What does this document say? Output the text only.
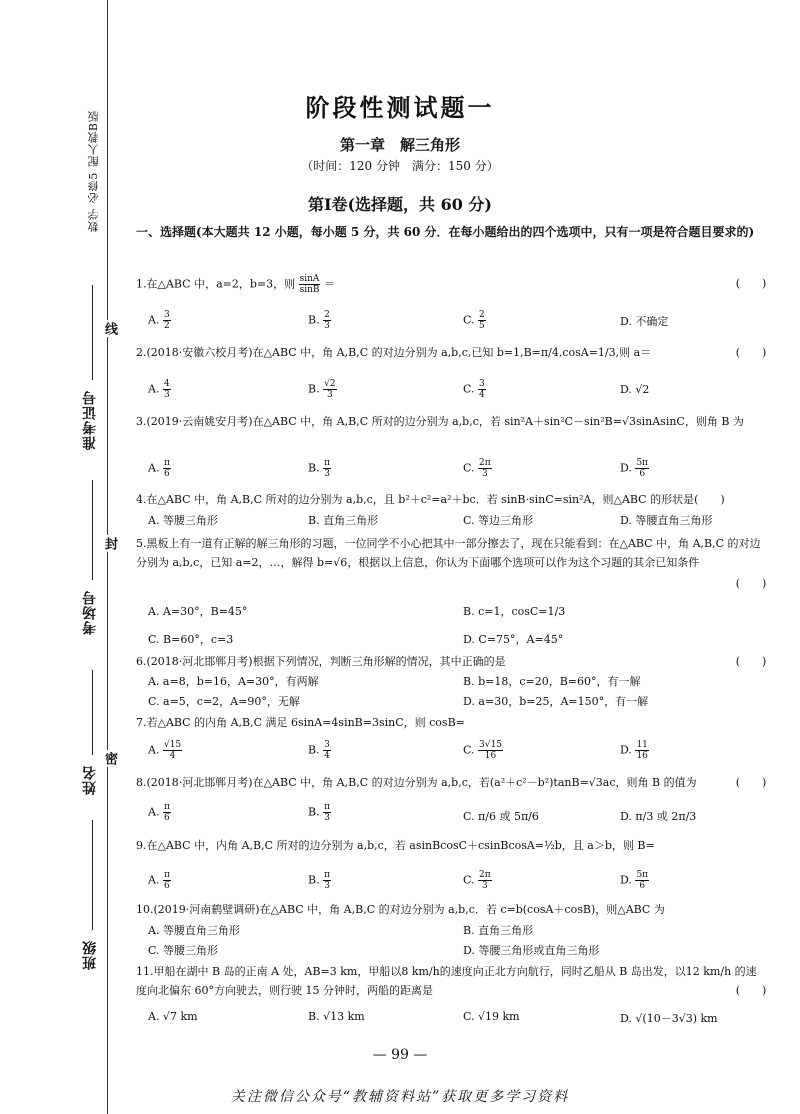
数学 必修5 配人教B版
班级
姓名
考场号
准考证号
线
封
密
阶段性测试题一
第一章　解三角形
（时间：120 分钟　满分：150 分）
第Ⅰ卷(选择题，共 60 分)
一、选择题(本大题共 12 小题，每小题 5 分，共 60 分．在每小题给出的四个选项中，只有一项是符合题目要求的)
1.在△ABC 中，a=2，b=3，则 $\frac{\sin A}{\sin B}$ ＝	(　　)
A. $\frac{3}{2}$	B. $\frac{2}{3}$	C. $\frac{2}{5}$	D. 不确定
2.(2018·安徽六校月考)在△ABC 中，角 A,B,C 的对边分别为 a,b,c,已知 b=1,B=π/4,cosA=1/3,则 a＝	(　　)
A. $\frac{4}{3}$	B. $\frac{√2}{3}$	C. $\frac{3}{4}$	D. √2
3.(2019·云南姚安月考)在△ABC 中，角 A,B,C 所对的边分别为 a,b,c，若 sin²A＋sin²C－sin²B=√3sinAsinC，则角 B 为
A. $\frac{\pi}{6}$	B. $\frac{\pi}{3}$	C. $\frac{2\pi}{3}$	D. $\frac{5\pi}{6}$
4.在△ABC 中，角 A,B,C 所对的边分别为 a,b,c，且 b²＋c²=a²＋bc．若 sinB·sinC=sin²A，则△ABC 的形状是(　　)
A. 等腰三角形	B. 直角三角形	C. 等边三角形	D. 等腰直角三角形
5.黑板上有一道有正解的解三角形的习题，一位同学不小心把其中一部分擦去了，现在只能看到：在△ABC 中，角 A,B,C 的对边分别为 a,b,c，已知 a=2，…，解得 b=√6，根据以上信息，你认为下面哪个选项可以作为这个习题的其余已知条件
(　　)
A. A=30°，B=45°	B. c=1，cosC=1/3
C. B=60°，c=3	D. C=75°，A=45°
6.(2018·河北邯郸月考)根据下列情况，判断三角形解的情况，其中正确的是	(　　)
A. a=8，b=16，A=30°，有两解	B. b=18，c=20，B=60°，有一解
C. a=5，c=2，A=90°，无解	D. a=30，b=25，A=150°，有一解
7.若△ABC 的内角 A,B,C 满足 6sinA=4sinB=3sinC，则 cosB=
A. $\frac{√15}{4}$	B. $\frac{3}{4}$	C. $\frac{3√15}{16}$	D. $\frac{11}{16}$
8.(2018·河北邯郸月考)在△ABC 中，角 A,B,C 的对边分别为 a,b,c，若(a²＋c²－b²)tanB=√3ac，则角 B 的值为	(　　)
A. $\frac{\pi}{6}$	B. $\frac{\pi}{3}$	C. π/6 或 5π/6	D. π/3 或 2π/3
9.在△ABC 中，内角 A,B,C 所对的边分别为 a,b,c，若 asinBcosC＋csinBcosA=½b，且 a＞b，则 B=
A. $\frac{\pi}{6}$	B. $\frac{\pi}{3}$	C. $\frac{2\pi}{3}$	D. $\frac{5\pi}{6}$
10.(2019·河南鹤壁调研)在△ABC 中，角 A,B,C 的对边分别为 a,b,c．若 c=b(cosA＋cosB)，则△ABC 为
A. 等腰直角三角形	B. 直角三角形
C. 等腰三角形	D. 等腰三角形或直角三角形
11.甲船在湖中 B 岛的正南 A 处，AB=3 km，甲船以8 km/h的速度向正北方向航行，同时乙船从 B 岛出发，以12 km/h 的速度向北偏东 60°方向驶去，则行驶 15 分钟时，两船的距离是	(　　)
A. √7 km	B. √13 km	C. √19 km	D. √(10－3√3) km
— 99 —
关注微信公众号“教辅资料站”获取更多学习资料
